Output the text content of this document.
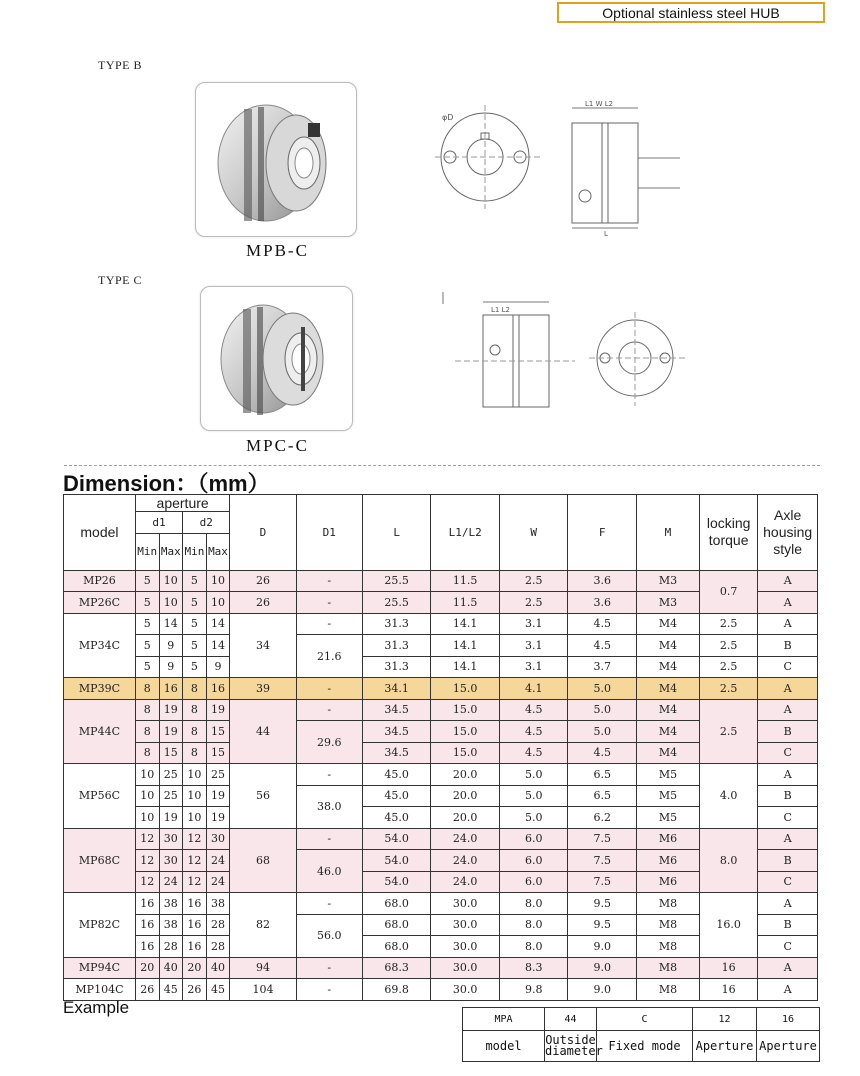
Optional stainless steel HUB
TYPE B
MPB-C
φD
L1 W L2
L
TYPE C
MPC-C
L1 L2
Dimension：（mm）
model	aperture				D	D1	L	L1/L2	W	F	M	locking torque	Axle housing style
	d1		d2										
	Min	Max	Min	Max									
MP26	5	10	5	10	26	-	25.5	11.5	2.5	3.6	M3	0.7	A
MP26C	5	10	5	10	26	-	25.5	11.5	2.5	3.6	M3		A
MP34C	5	14	5	14	34	-	31.3	14.1	3.1	4.5	M4	2.5	A
	5	9	5	14		21.6	31.3	14.1	3.1	4.5	M4	2.5	B
	5	9	5	9			31.3	14.1	3.1	3.7	M4	2.5	C
MP39C	8	16	8	16	39	-	34.1	15.0	4.1	5.0	M4	2.5	A
MP44C	8	19	8	19	44	-	34.5	15.0	4.5	5.0	M4	2.5	A
	8	19	8	15		29.6	34.5	15.0	4.5	5.0	M4		B
	8	15	8	15			34.5	15.0	4.5	4.5	M4		C
MP56C	10	25	10	25	56	-	45.0	20.0	5.0	6.5	M5	4.0	A
	10	25	10	19		38.0	45.0	20.0	5.0	6.5	M5		B
	10	19	10	19			45.0	20.0	5.0	6.2	M5		C
MP68C	12	30	12	30	68	-	54.0	24.0	6.0	7.5	M6	8.0	A
	12	30	12	24		46.0	54.0	24.0	6.0	7.5	M6		B
	12	24	12	24			54.0	24.0	6.0	7.5	M6		C
MP82C	16	38	16	38	82	-	68.0	30.0	8.0	9.5	M8	16.0	A
	16	38	16	28		56.0	68.0	30.0	8.0	9.5	M8		B
	16	28	16	28			68.0	30.0	8.0	9.0	M8		C
MP94C	20	40	20	40	94	-	68.3	30.0	8.3	9.0	M8	16	A
MP104C	26	45	26	45	104	-	69.8	30.0	9.8	9.0	M8	16	A
Example
MPA	44	C	12	16
model	Outside diameter	Fixed mode	Aperture	Aperture
